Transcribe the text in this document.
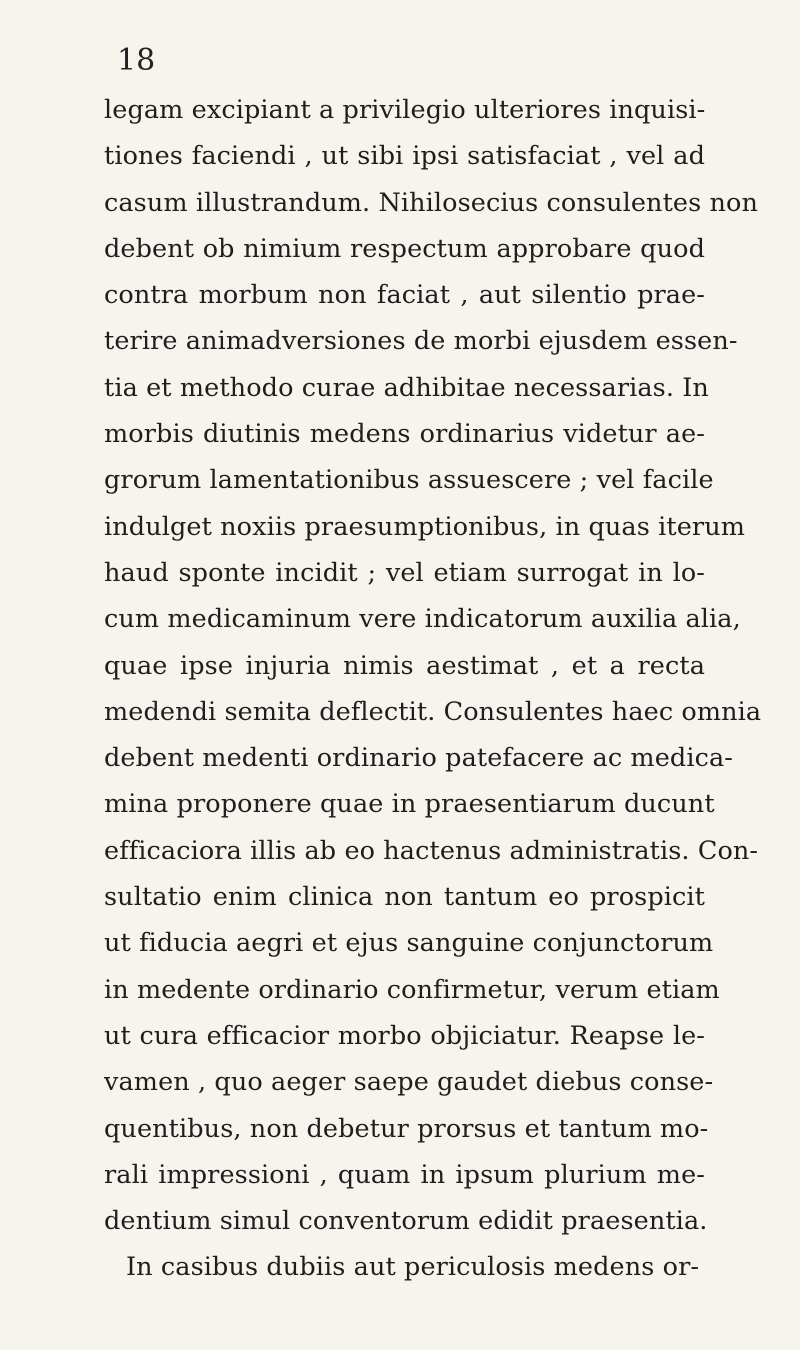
18
legam excipiant a privilegio ulteriores inquisi-
tiones faciendi , ut sibi ipsi satisfaciat , vel ad
casum illustrandum. Nihilosecius consulentes non
debent ob nimium respectum approbare quod
contra morbum non faciat , aut silentio prae-
terire animadversiones de morbi ejusdem essen-
tia et methodo curae adhibitae necessarias. In
morbis diutinis medens ordinarius videtur ae-
grorum lamentationibus assuescere ; vel facile
indulget noxiis praesumptionibus, in quas iterum
haud sponte incidit ; vel etiam surrogat in lo-
cum medicaminum vere indicatorum auxilia alia,
quae ipse injuria nimis aestimat , et a recta
medendi semita deflectit. Consulentes haec omnia
debent medenti ordinario patefacere ac medica-
mina proponere quae in praesentiarum ducunt
efficaciora illis ab eo hactenus administratis. Con-
sultatio enim clinica non tantum eo prospicit
ut fiducia aegri et ejus sanguine conjunctorum
in medente ordinario confirmetur, verum etiam
ut cura efficacior morbo objiciatur. Reapse le-
vamen , quo aeger saepe gaudet diebus conse-
quentibus, non debetur prorsus et tantum mo-
rali impressioni , quam in ipsum plurium me-
dentium simul conventorum edidit praesentia.
In casibus dubiis aut periculosis medens or-
